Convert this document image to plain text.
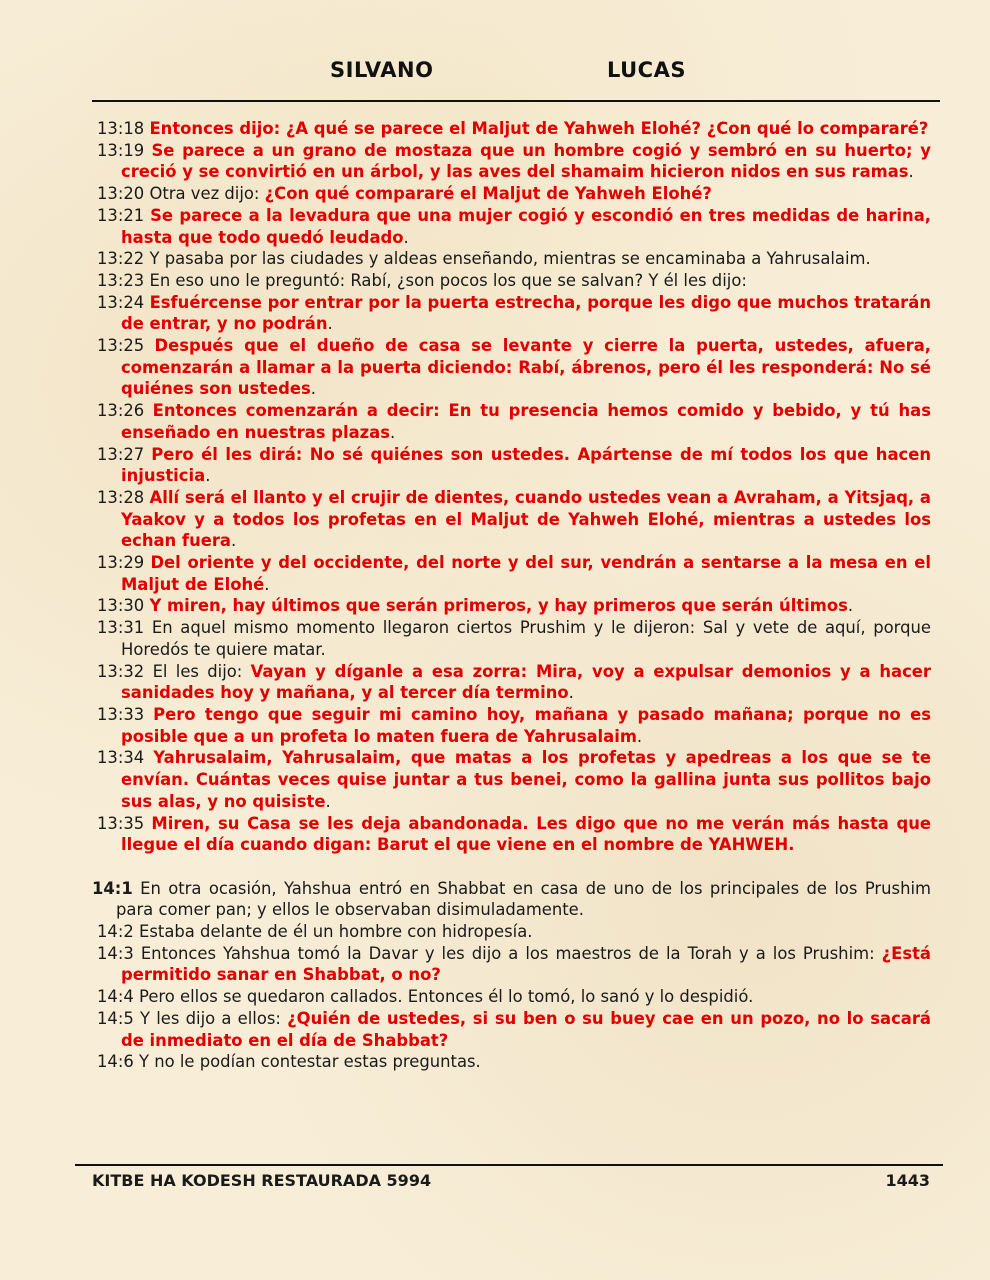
SILVANO	LUCAS
13:18 Entonces dijo: ¿A qué se parece el Maljut de Yahweh Elohé? ¿Con qué lo compararé?
13:19 Se parece a un grano de mostaza que un hombre cogió y sembró en su huerto; y creció y se convirtió en un árbol, y las aves del shamaim hicieron nidos en sus ramas.
13:20 Otra vez dijo: ¿Con qué compararé el Maljut de Yahweh Elohé?
13:21 Se parece a la levadura que una mujer cogió y escondió en tres medidas de harina, hasta que todo quedó leudado.
13:22 Y pasaba por las ciudades y aldeas enseñando, mientras se encaminaba a Yahrusalaim.
13:23 En eso uno le preguntó: Rabí, ¿son pocos los que se salvan? Y él les dijo:
13:24 Esfuércense por entrar por la puerta estrecha, porque les digo que muchos tratarán de entrar, y no podrán.
13:25 Después que el dueño de casa se levante y cierre la puerta, ustedes, afuera, comenzarán a llamar a la puerta diciendo: Rabí, ábrenos, pero él les responderá: No sé quiénes son ustedes.
13:26 Entonces comenzarán a decir: En tu presencia hemos comido y bebido, y tú has enseñado en nuestras plazas.
13:27 Pero él les dirá: No sé quiénes son ustedes. Apártense de mí todos los que hacen injusticia.
13:28 Allí será el llanto y el crujir de dientes, cuando ustedes vean a Avraham, a Yitsjaq, a Yaakov y a todos los profetas en el Maljut de Yahweh Elohé, mientras a ustedes los echan fuera.
13:29 Del oriente y del occidente, del norte y del sur, vendrán a sentarse a la mesa en el Maljut de Elohé.
13:30 Y miren, hay últimos que serán primeros, y hay primeros que serán últimos.
13:31 En aquel mismo momento llegaron ciertos Prushim y le dijeron: Sal y vete de aquí, porque Horedós te quiere matar.
13:32 El les dijo: Vayan y díganle a esa zorra: Mira, voy a expulsar demonios y a hacer sanidades hoy y mañana, y al tercer día termino.
13:33 Pero tengo que seguir mi camino hoy, mañana y pasado mañana; porque no es posible que a un profeta lo maten fuera de Yahrusalaim.
13:34 Yahrusalaim, Yahrusalaim, que matas a los profetas y apedreas a los que se te envían. Cuántas veces quise juntar a tus benei, como la gallina junta sus pollitos bajo sus alas, y no quisiste.
13:35 Miren, su Casa se les deja abandonada. Les digo que no me verán más hasta que llegue el día cuando digan: Barut el que viene en el nombre de YAHWEH.
14:1 En otra ocasión, Yahshua entró en Shabbat en casa de uno de los principales de los Prushim para comer pan; y ellos le observaban disimuladamente.
14:2 Estaba delante de él un hombre con hidropesía.
14:3 Entonces Yahshua tomó la Davar y les dijo a los maestros de la Torah y a los Prushim: ¿Está permitido sanar en Shabbat, o no?
14:4 Pero ellos se quedaron callados. Entonces él lo tomó, lo sanó y lo despidió.
14:5 Y les dijo a ellos: ¿Quién de ustedes, si su ben o su buey cae en un pozo, no lo sacará de inmediato en el día de Shabbat?
14:6 Y no le podían contestar estas preguntas.
KITBE HA KODESH RESTAURADA 5994	1443
